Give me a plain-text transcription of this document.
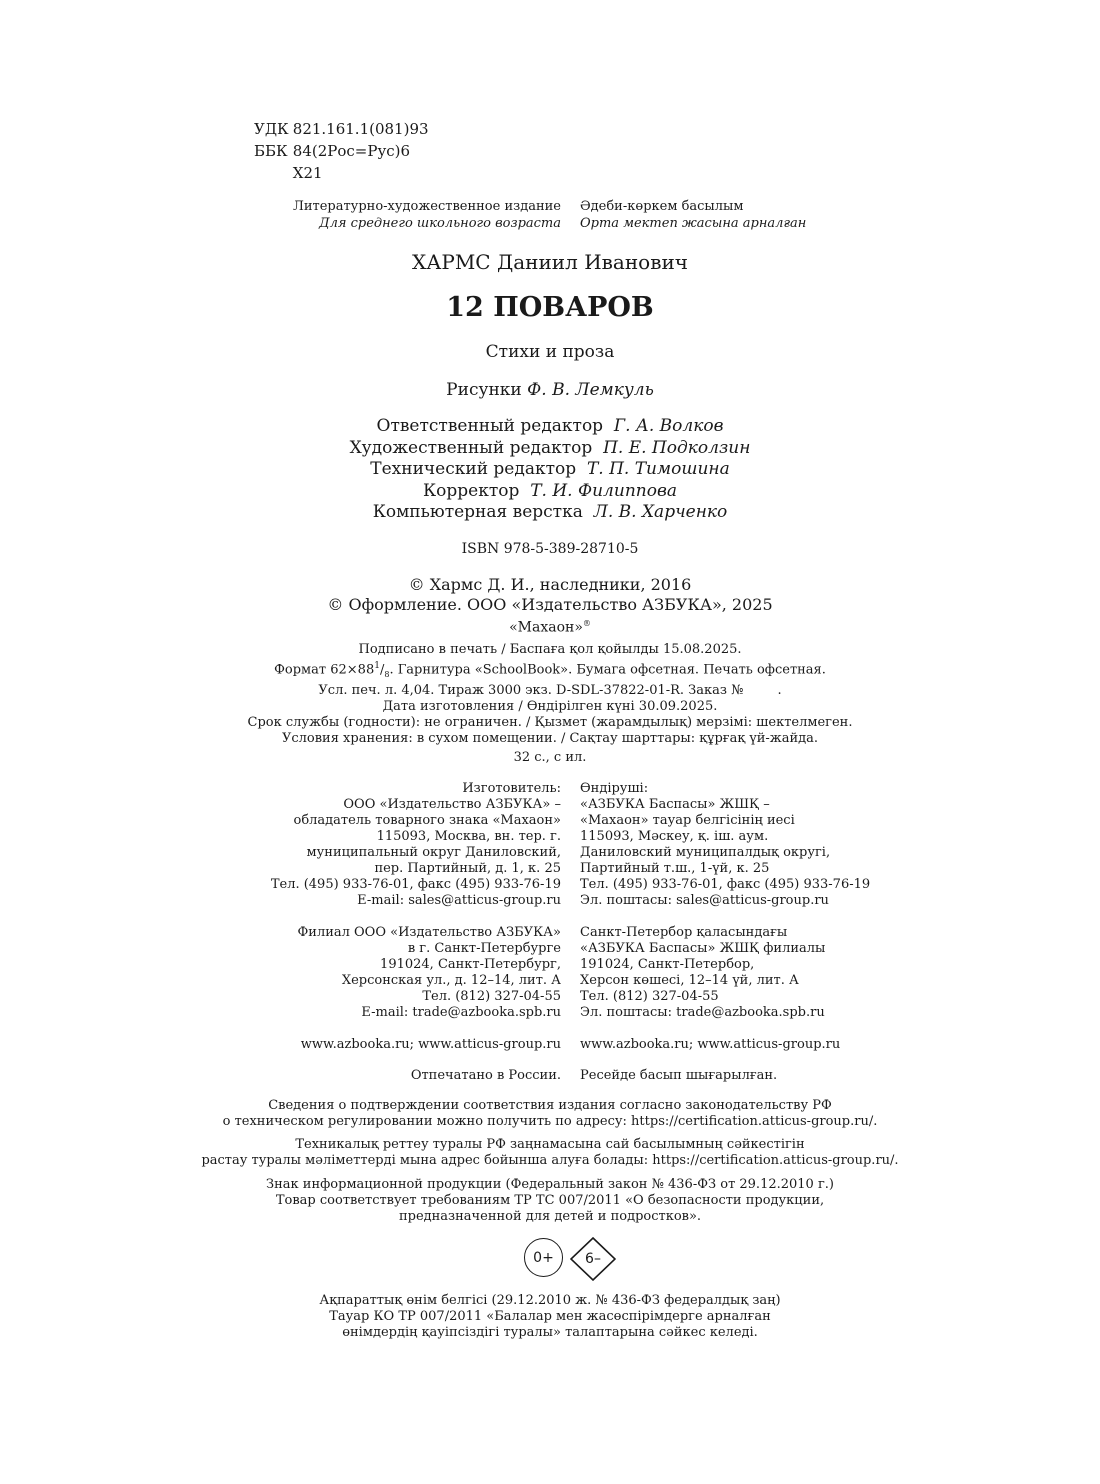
УДК 821.161.1(081)93
ББК 84(2Рос=Рус)6
Х21
Литературно-художественное издание
Для среднего школьного возраста
Әдеби-көркем басылым
Орта мектеп жасына арналған
ХАРМС Даниил Иванович
12 ПОВАРОВ
Стихи и проза
Рисунки Ф. В. Лемкуль
Ответственный редактор Г. А. Волков
Художественный редактор П. Е. Подколзин
Технический редактор Т. П. Тимошина
Корректор Т. И. Филиппова
Компьютерная верстка Л. В. Харченко
ISBN 978-5-389-28710-5
© Хармс Д. И., наследники, 2016
© Оформление. ООО «Издательство АЗБУКА», 2025
«Махаон»®
Подписано в печать / Баспаға қол қойылды 15.08.2025.
Формат $62\times 88^1/_8$. Гарнитура «SchoolBook». Бумага офсетная. Печать офсетная.
Усл. печ. л. 4,04. Тираж 3000 экз. D-SDL-37822-01-R. Заказ №	.
Дата изготовления / Өндірілген күні 30.09.2025.
Срок службы (годности): не ограничен. / Қызмет (жарамдылық) мерзімі: шектелмеген.
Условия хранения: в сухом помещении. / Сақтау шарттары: құрғақ үй-жайда.
32 с., с ил.
Изготовитель:
ООО «Издательство АЗБУКА» –
обладатель товарного знака «Махаон»
115093, Москва, вн. тер. г.
муниципальный округ Даниловский,
пер. Партийный, д. 1, к. 25
Тел. (495) 933-76-01, факс (495) 933-76-19
E-mail: sales@atticus-group.ru
Өндіруші:
«АЗБУКА Баспасы» ЖШҚ –
«Махаон» тауар белгісінің иесі
115093, Мәскеу, қ. іш. аум.
Даниловский муниципалдық округі,
Партийный т.ш., 1-үй, к. 25
Тел. (495) 933-76-01, факс (495) 933-76-19
Эл. поштасы: sales@atticus-group.ru
Филиал ООО «Издательство АЗБУКА»
в г. Санкт-Петербурге
191024, Санкт-Петербург,
Херсонская ул., д. 12–14, лит. А
Тел. (812) 327-04-55
E-mail: trade@azbooka.spb.ru
Санкт-Петербор қаласындағы
«АЗБУКА Баспасы» ЖШҚ филиалы
191024, Санкт-Петербор,
Херсон көшесі, 12–14 үй, лит. А
Тел. (812) 327-04-55
Эл. поштасы: trade@azbooka.spb.ru
www.azbooka.ru; www.atticus-group.ru www.azbooka.ru; www.atticus-group.ru
Отпечатано в России. Ресейде басып шығарылған.
Сведения о подтверждении соответствия издания согласно законодательству РФ
о техническом регулировании можно получить по адресу: https://certification.atticus-group.ru/.
Техникалық реттеу туралы РФ заңнамасына сай басылымның сәйкестігін
растау туралы мәліметтерді мына адрес бойынша алуға болады: https://certification.atticus-group.ru/.
Знак информационной продукции (Федеральный закон № 436-ФЗ от 29.12.2010 г.)
Товар соответствует требованиям ТР ТС 007/2011 «О безопасности продукции,
предназначенной для детей и подростков».
0+	6–
Ақпараттық өнім белгісі (29.12.2010 ж. № 436-ФЗ федералдық заң)
Тауар КО ТР 007/2011 «Балалар мен жасөспірімдерге арналған
өнімдердің қауіпсіздігі туралы» талаптарына сәйкес келеді.
